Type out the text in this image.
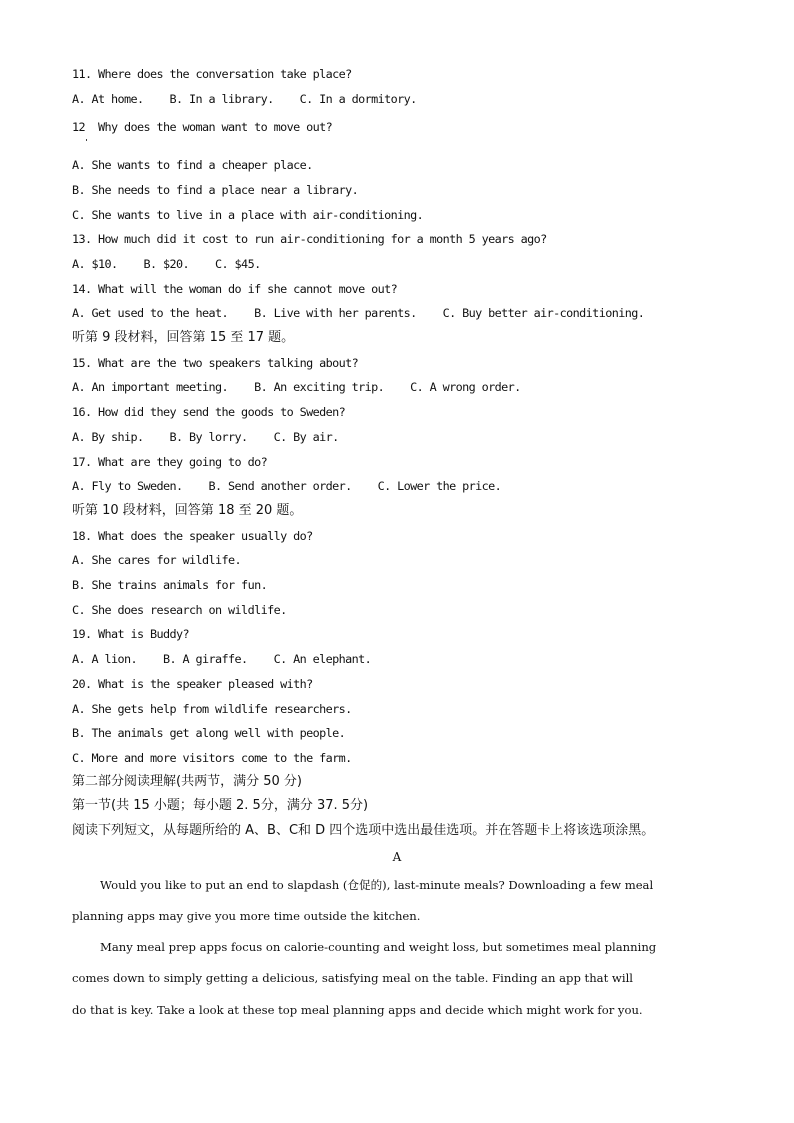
11. Where does the conversation take place?
A. At home.    B. In a library.    C. In a dormitory.
12  Why does the woman want to move out?
A. She wants to find a cheaper place.
B. She needs to find a place near a library.
C. She wants to live in a place with air-conditioning.
13. How much did it cost to run air-conditioning for a month 5 years ago?
A. $10.    B. $20.    C. $45.
14. What will the woman do if she cannot move out?
A. Get used to the heat.    B. Live with her parents.    C. Buy better air-conditioning.
听第 9 段材料，回答第 15 至 17 题。
15. What are the two speakers talking about?
A. An important meeting.    B. An exciting trip.    C. A wrong order.
16. How did they send the goods to Sweden?
A. By ship.    B. By lorry.    C. By air.
17. What are they going to do?
A. Fly to Sweden.    B. Send another order.    C. Lower the price.
听第 10 段材料，回答第 18 至 20 题。
18. What does the speaker usually do?
A. She cares for wildlife.
B. She trains animals for fun.
C. She does research on wildlife.
19. What is Buddy?
A. A lion.    B. A giraffe.    C. An elephant.
20. What is the speaker pleased with?
A. She gets help from wildlife researchers.
B. The animals get along well with people.
C. More and more visitors come to the farm.
第二部分阅读理解(共两节，满分 50 分)
第一节(共 15 小题；每小题 2. 5分，满分 37. 5分)
阅读下列短文，从每题所给的 A、B、C和 D 四个选项中选出最佳选项。并在答题卡上将该选项涂黑。
A
Would you like to put an end to slapdash (仓促的), last-minute meals? Downloading a few meal
planning apps may give you more time outside the kitchen.
Many meal prep apps focus on calorie-counting and weight loss, but sometimes meal planning
comes down to simply getting a delicious, satisfying meal on the table. Finding an app that will
do that is key. Take a look at these top meal planning apps and decide which might work for you.
